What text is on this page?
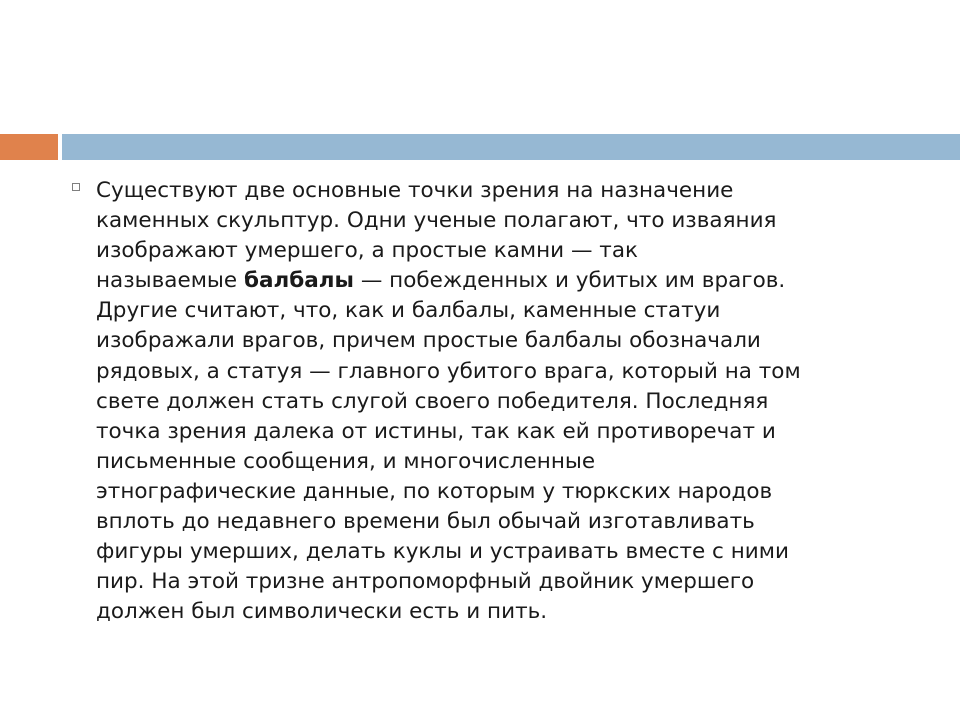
Существуют две основные точки зрения на назначение
каменных скульптур. Одни ученые полагают, что изваяния
изображают умершего, а простые камни — так
называемые балбалы — побежденных и убитых им врагов.
Другие считают, что, как и балбалы, каменные статуи
изображали врагов, причем простые балбалы обозначали
рядовых, а статуя — главного убитого врага, который на том
свете должен стать слугой своего победителя. Последняя
точка зрения далека от истины, так как ей противоречат и
письменные сообщения, и многочисленные
этнографические данные, по которым у тюркских народов
вплоть до недавнего времени был обычай изготавливать
фигуры умерших, делать куклы и устраивать вместе с ними
пир. На этой тризне антропоморфный двойник умершего
должен был символически есть и пить.
